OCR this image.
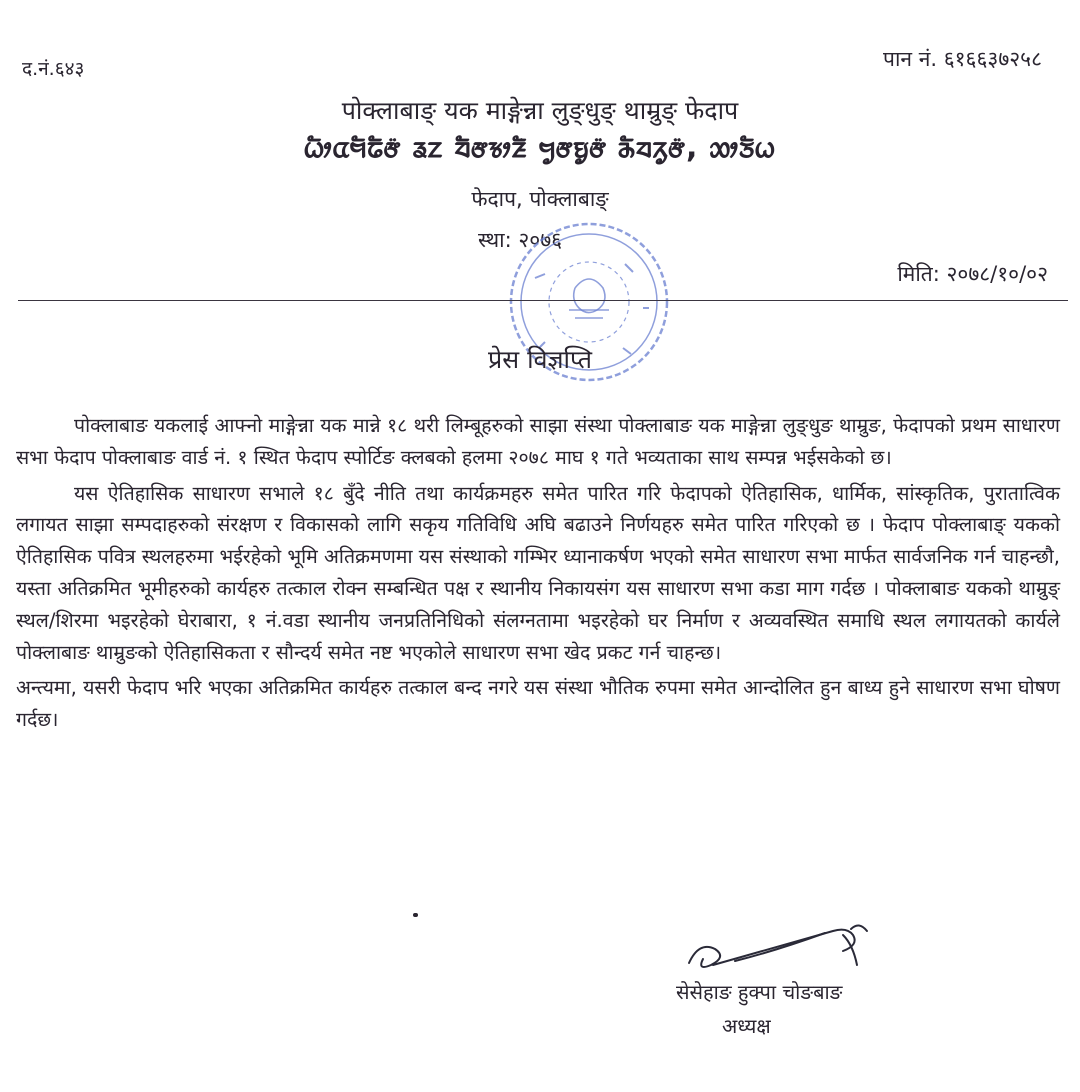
द.नं.६४३	पान नं. ६१६६३७२५८
पोक्लाबाङ् यक माङ्गेन्ना लुङ्धुङ् थाम्रुङ् फेदाप
ᤐᤥᤂᤗᤠᤒᤠᤅ᤺ ᤕᤁ ᤔᤠᤅᤃᤣᤏ᤺ᤠ ᤗᤢᤅᤎᤢᤅ᤺ ᤌᤠᤔᤖᤢᤅ᤺, ᤑᤣᤍᤠᤐ
फेदाप, पोक्लाबाङ्
स्था: २०७६
मिति: २०७८/१०/०२
प्रेस विज्ञप्ति

पोक्लाबाङ यकलाई आफ्नो माङ्गेन्ना यक मान्ने १८ थरी लिम्बूहरुको साझा संस्था पोक्लाबाङ यक माङ्गेन्ना लुङ्धुङ थाम्रुङ, फेदापको प्रथम साधारण सभा फेदाप पोक्लाबाङ वार्ड नं. १ स्थित फेदाप स्पोर्टिङ क्लबको हलमा २०७८ माघ १ गते भव्यताका साथ सम्पन्न भईसकेको छ।

यस ऐतिहासिक साधारण सभाले १८ बुँदे नीति तथा कार्यक्रमहरु समेत पारित गरि फेदापको ऐतिहासिक, धार्मिक, सांस्कृतिक, पुरातात्विक लगायत साझा सम्पदाहरुको संरक्षण र विकासको लागि सकृय गतिविधि अघि बढाउने निर्णयहरु समेत पारित गरिएको छ । फेदाप पोक्लाबाङ् यकको ऐतिहासिक पवित्र स्थलहरुमा भईरहेको भूमि अतिक्रमणमा यस संस्थाको गम्भिर ध्यानाकर्षण भएको समेत साधारण सभा मार्फत सार्वजनिक गर्न चाहन्छौ, यस्ता अतिक्रमित भूमीहरुको कार्यहरु तत्काल रोक्न सम्बन्धित पक्ष र स्थानीय निकायसंग यस साधारण सभा कडा माग गर्दछ । पोक्लाबाङ यकको थाम्रुङ् स्थल/शिरमा भइरहेको घेराबारा, १ नं.वडा स्थानीय जनप्रतिनिधिको संलग्नतामा भइरहेको घर निर्माण र अव्यवस्थित समाधि स्थल लगायतको कार्यले पोक्लाबाङ थाम्रुङको ऐतिहासिकता र सौन्दर्य समेत नष्ट भएकोले साधारण सभा खेद प्रकट गर्न चाहन्छ।

अन्त्यमा, यसरी फेदाप भरि भएका अतिक्रमित कार्यहरु तत्काल बन्द नगरे यस संस्था भौतिक रुपमा समेत आन्दोलित हुन बाध्य हुने साधारण सभा घोषण गर्दछ।

सेसेहाङ हुक्पा चोङबाङ
अध्यक्ष
